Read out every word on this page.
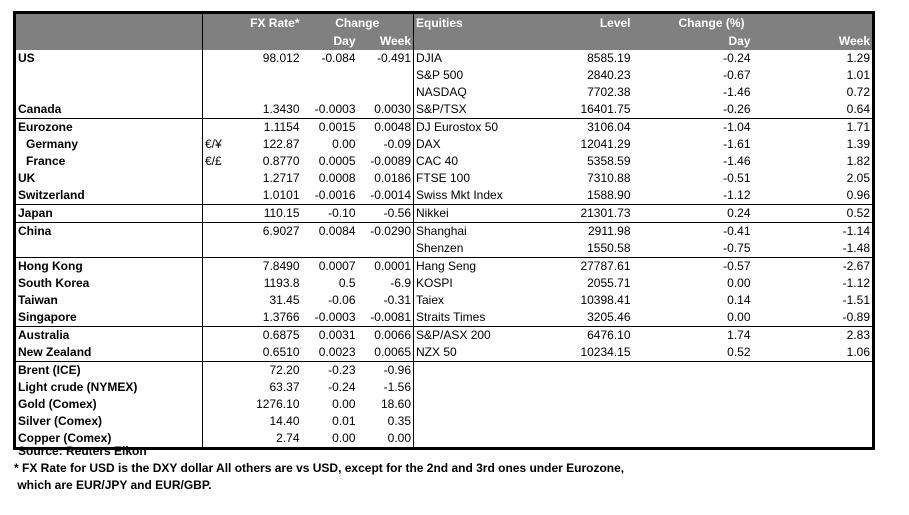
		FX Rate*	Change		Equities	Level	Change (%)	
			Day	Week			Day	Week
US		98.012	-0.084	-0.491	DJIA	8585.19	-0.24	1.29
					S&P 500	2840.23	-0.67	1.01
					NASDAQ	7702.38	-1.46	0.72
Canada		1.3430	-0.0003	0.0030	S&P/TSX	16401.75	-0.26	0.64
Eurozone		1.1154	0.0015	0.0048	DJ Eurostox 50	3106.04	-1.04	1.71
Germany	€/¥	122.87	0.00	-0.09	DAX	12041.29	-1.61	1.39
France	€/£	0.8770	0.0005	-0.0089	CAC 40	5358.59	-1.46	1.82
UK		1.2717	0.0008	0.0186	FTSE 100	7310.88	-0.51	2.05
Switzerland		1.0101	-0.0016	-0.0014	Swiss Mkt Index	1588.90	-1.12	0.96
Japan		110.15	-0.10	-0.56	Nikkei	21301.73	0.24	0.52
China		6.9027	0.0084	-0.0290	Shanghai	2911.98	-0.41	-1.14
					Shenzen	1550.58	-0.75	-1.48
Hong Kong		7.8490	0.0007	0.0001	Hang Seng	27787.61	-0.57	-2.67
South Korea		1193.8	0.5	-6.9	KOSPI	2055.71	0.00	-1.12
Taiwan		31.45	-0.06	-0.31	Taiex	10398.41	0.14	-1.51
Singapore		1.3766	-0.0003	-0.0081	Straits Times	3205.46	0.00	-0.89
Australia		0.6875	0.0031	0.0066	S&P/ASX 200	6476.10	1.74	2.83
New Zealand		0.6510	0.0023	0.0065	NZX 50	10234.15	0.52	1.06
Brent (ICE)		72.20	-0.23	-0.96				
Light crude (NYMEX)		63.37	-0.24	-1.56				
Gold (Comex)		1276.10	0.00	18.60				
Silver (Comex)		14.40	0.01	0.35				
Copper (Comex)		2.74	0.00	0.00				
Source: Reuters Eikon
* FX Rate for USD is the DXY dollar All others are vs USD, except for the 2nd and 3rd ones under Eurozone,
which are EUR/JPY and EUR/GBP.
